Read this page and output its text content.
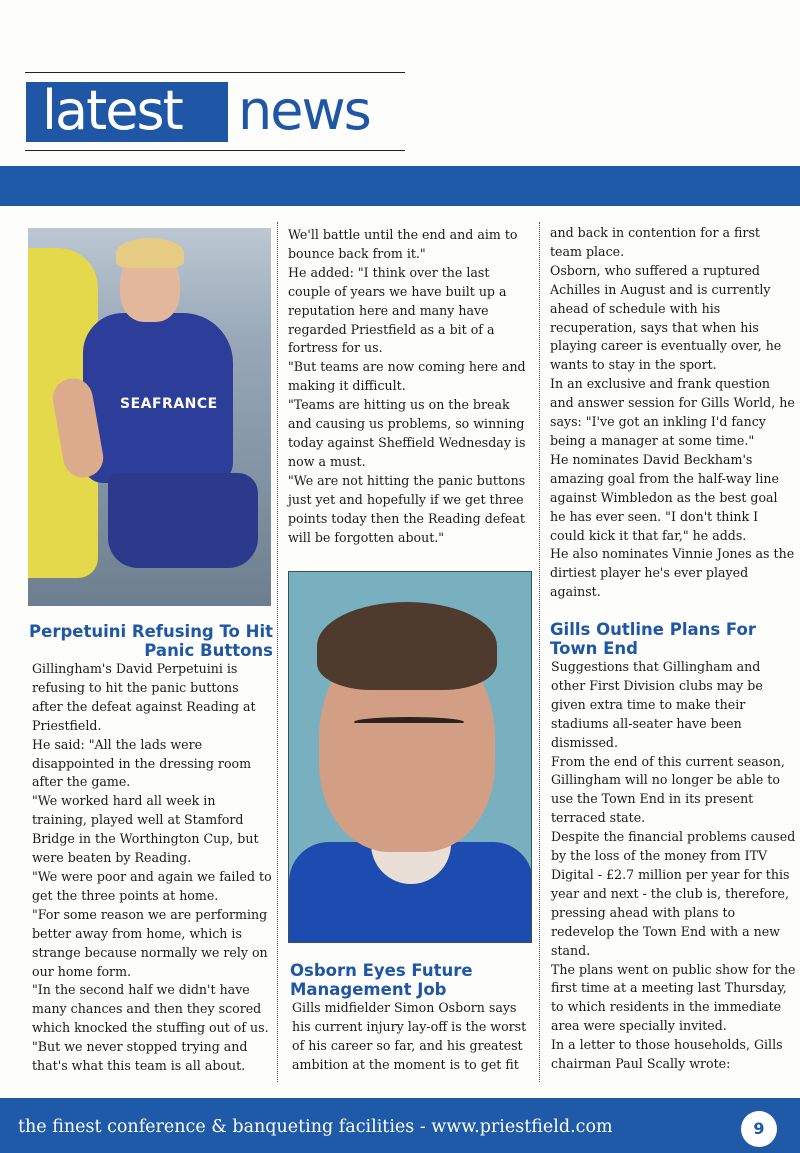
latest	news
SEAFRANCE
Perpetuini Refusing To Hit Panic Buttons

Gillingham's David Perpetuini is refusing to hit the panic buttons after the defeat against Reading at Priestfield.

He said: "All the lads were disappointed in the dressing room after the game.

"We worked hard all week in training, played well at Stamford Bridge in the Worthington Cup, but were beaten by Reading.

"We were poor and again we failed to get the three points at home.

"For some reason we are performing better away from home, which is strange because normally we rely on our home form.

"In the second half we didn't have many chances and then they scored which knocked the stuffing out of us.

"But we never stopped trying and that's what this team is all about.

We'll battle until the end and aim to bounce back from it."

He added: "I think over the last couple of years we have built up a reputation here and many have regarded Priestfield as a bit of a fortress for us.

"But teams are now coming here and making it difficult.

"Teams are hitting us on the break and causing us problems, so winning today against Sheffield Wednesday is now a must.

"We are not hitting the panic buttons just yet and hopefully if we get three points today then the Reading defeat will be forgotten about."

Osborn Eyes Future Management Job

Gills midfielder Simon Osborn says his current injury lay-off is the worst of his career so far, and his greatest ambition at the moment is to get fit

and back in contention for a first team place.

Osborn, who suffered a ruptured Achilles in August and is currently ahead of schedule with his recuperation, says that when his playing career is eventually over, he wants to stay in the sport.

In an exclusive and frank question and answer session for Gills World, he says: "I've got an inkling I'd fancy being a manager at some time."

He nominates David Beckham's amazing goal from the half-way line against Wimbledon as the best goal he has ever seen. "I don't think I could kick it that far," he adds.

He also nominates Vinnie Jones as the dirtiest player he's ever played against.

Gills Outline Plans For Town End

Suggestions that Gillingham and other First Division clubs may be given extra time to make their stadiums all-seater have been dismissed.

From the end of this current season, Gillingham will no longer be able to use the Town End in its present terraced state.

Despite the financial problems caused by the loss of the money from ITV Digital - £2.7 million per year for this year and next - the club is, therefore, pressing ahead with plans to redevelop the Town End with a new stand.

The plans went on public show for the first time at a meeting last Thursday, to which residents in the immediate area were specially invited.

In a letter to those households, Gills chairman Paul Scally wrote:

the finest conference & banqueting facilities - www.priestfield.com	9
